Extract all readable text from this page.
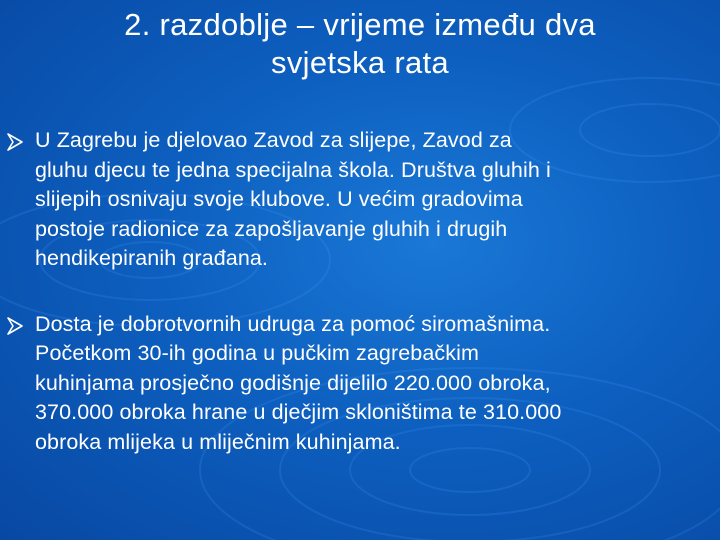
2. razdoblje – vrijeme između dva
svjetska rata
U Zagrebu je djelovao Zavod za slijepe, Zavod za
gluhu djecu te jedna specijalna škola. Društva gluhih i
slijepih osnivaju svoje klubove. U većim gradovima
postoje radionice za zapošljavanje gluhih i drugih
hendikepiranih građana.
Dosta je dobrotvornih udruga za pomoć siromašnima.
Početkom 30-ih godina u pučkim zagrebačkim
kuhinjama prosječno godišnje dijelilo 220.000 obroka,
370.000 obroka hrane u dječjim skloništima te 310.000
obroka mlijeka u mliječnim kuhinjama.
